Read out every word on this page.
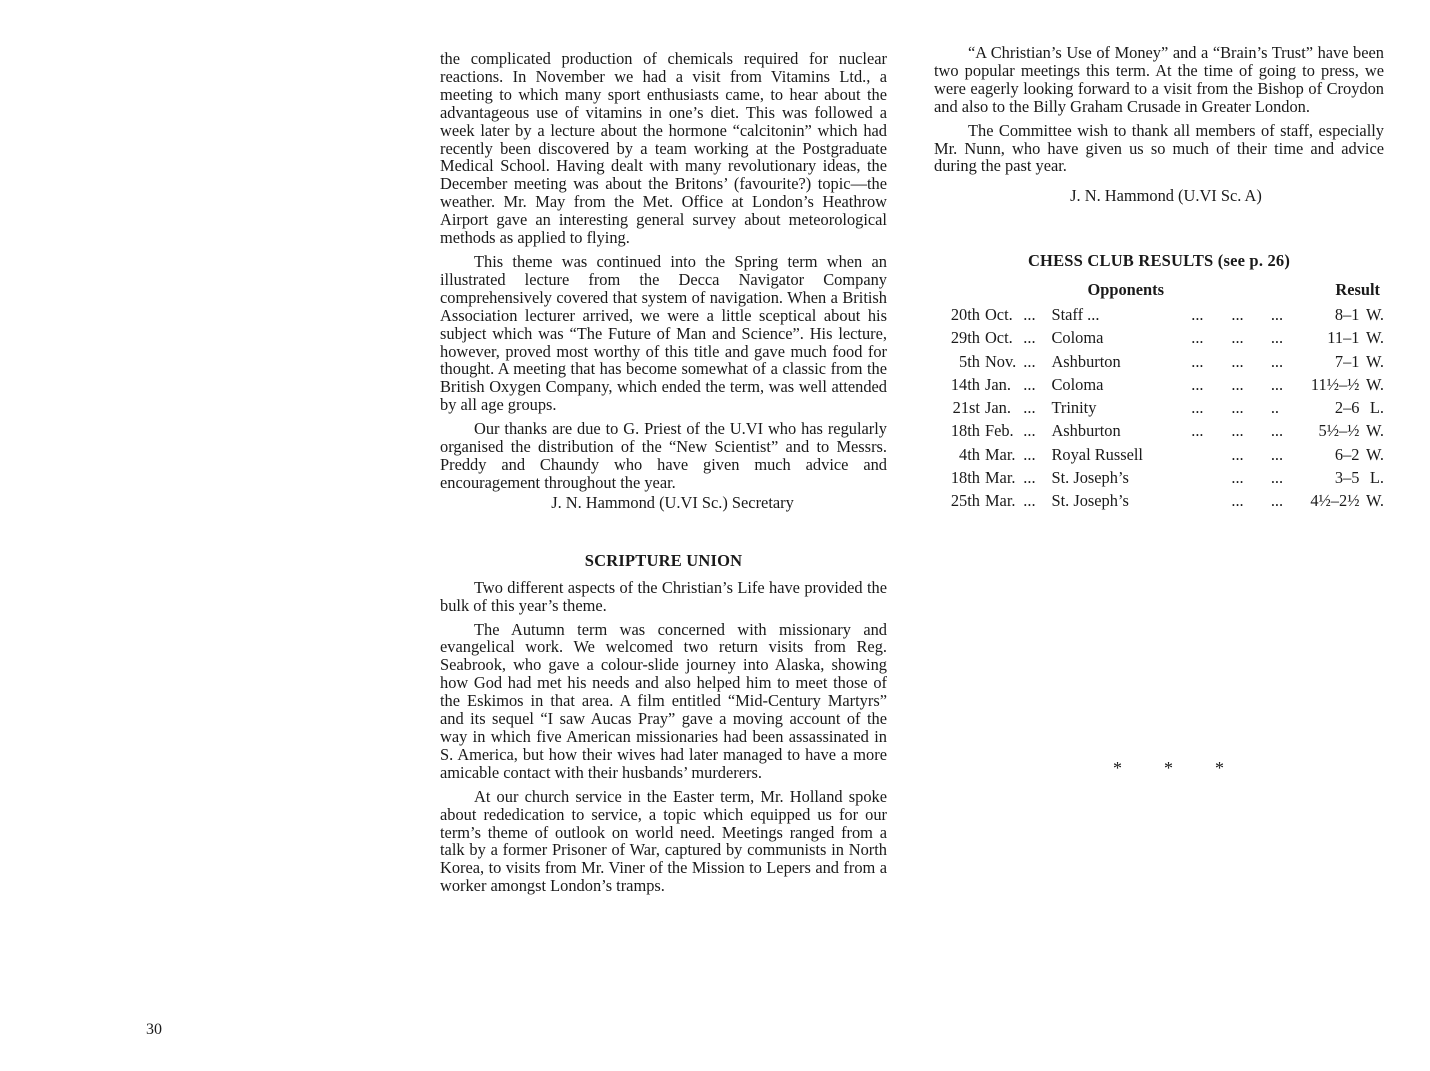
the complicated production of chemicals required for nuclear reactions. In November we had a visit from Vitamins Ltd., a meeting to which many sport enthusiasts came, to hear about the advantageous use of vitamins in one’s diet. This was followed a week later by a lecture about the hormone “calcitonin” which had recently been discovered by a team working at the Postgraduate Medical School. Having dealt with many revolutionary ideas, the December meeting was about the Britons’ (favourite?) topic—the weather. Mr. May from the Met. Office at London’s Heathrow Airport gave an interesting general survey about meteorological methods as applied to flying.

This theme was continued into the Spring term when an illustrated lecture from the Decca Navigator Company comprehensively covered that system of navigation. When a British Association lecturer arrived, we were a little sceptical about his subject which was “The Future of Man and Science”. His lecture, however, proved most worthy of this title and gave much food for thought. A meeting that has become somewhat of a classic from the British Oxygen Company, which ended the term, was well attended by all age groups.

Our thanks are due to G. Priest of the U.VI who has regularly organised the distribution of the “New Scientist” and to Messrs. Preddy and Chaundy who have given much advice and encouragement throughout the year.

J. N. Hammond (U.VI Sc.) Secretary

SCRIPTURE UNION

Two different aspects of the Christian’s Life have provided the bulk of this year’s theme.

The Autumn term was concerned with missionary and evangelical work. We welcomed two return visits from Reg. Seabrook, who gave a colour-slide journey into Alaska, showing how God had met his needs and also helped him to meet those of the Eskimos in that area. A film entitled “Mid-Century Martyrs” and its sequel “I saw Aucas Pray” gave a moving account of the way in which five American missionaries had been assassinated in S. America, but how their wives had later managed to have a more amicable contact with their husbands’ murderers.

At our church service in the Easter term, Mr. Holland spoke about rededication to service, a topic which equipped us for our term’s theme of outlook on world need. Meetings ranged from a talk by a former Prisoner of War, captured by communists in North Korea, to visits from Mr. Viner of the Mission to Lepers and from a worker amongst London’s tramps.

“A Christian’s Use of Money” and a “Brain’s Trust” have been two popular meetings this term. At the time of going to press, we were eagerly looking forward to a visit from the Bishop of Croydon and also to the Billy Graham Crusade in Greater London.

The Committee wish to thank all members of staff, especially Mr. Nunn, who have given us so much of their time and advice during the past year.

J. N. Hammond (U.VI Sc. A)

CHESS CLUB RESULTS (see p. 26)
			Opponents				Result	
20th	Oct.	...	Staff ...	...	...	...	8–1	W.
29th	Oct.	...	Coloma	...	...	...	11–1	W.
5th	Nov.	...	Ashburton	...	...	...	7–1	W.
14th	Jan.	...	Coloma	...	...	...	11½–½	W.
21st	Jan.	...	Trinity	...	...	..	2–6	L.
18th	Feb.	...	Ashburton	...	...	...	5½–½	W.
4th	Mar.	...	Royal Russell		...	...	6–2	W.
18th	Mar.	...	St. Joseph’s		...	...	3–5	L.
25th	Mar.	...	St. Joseph’s		...	...	4½–2½	W.
* * *
30
